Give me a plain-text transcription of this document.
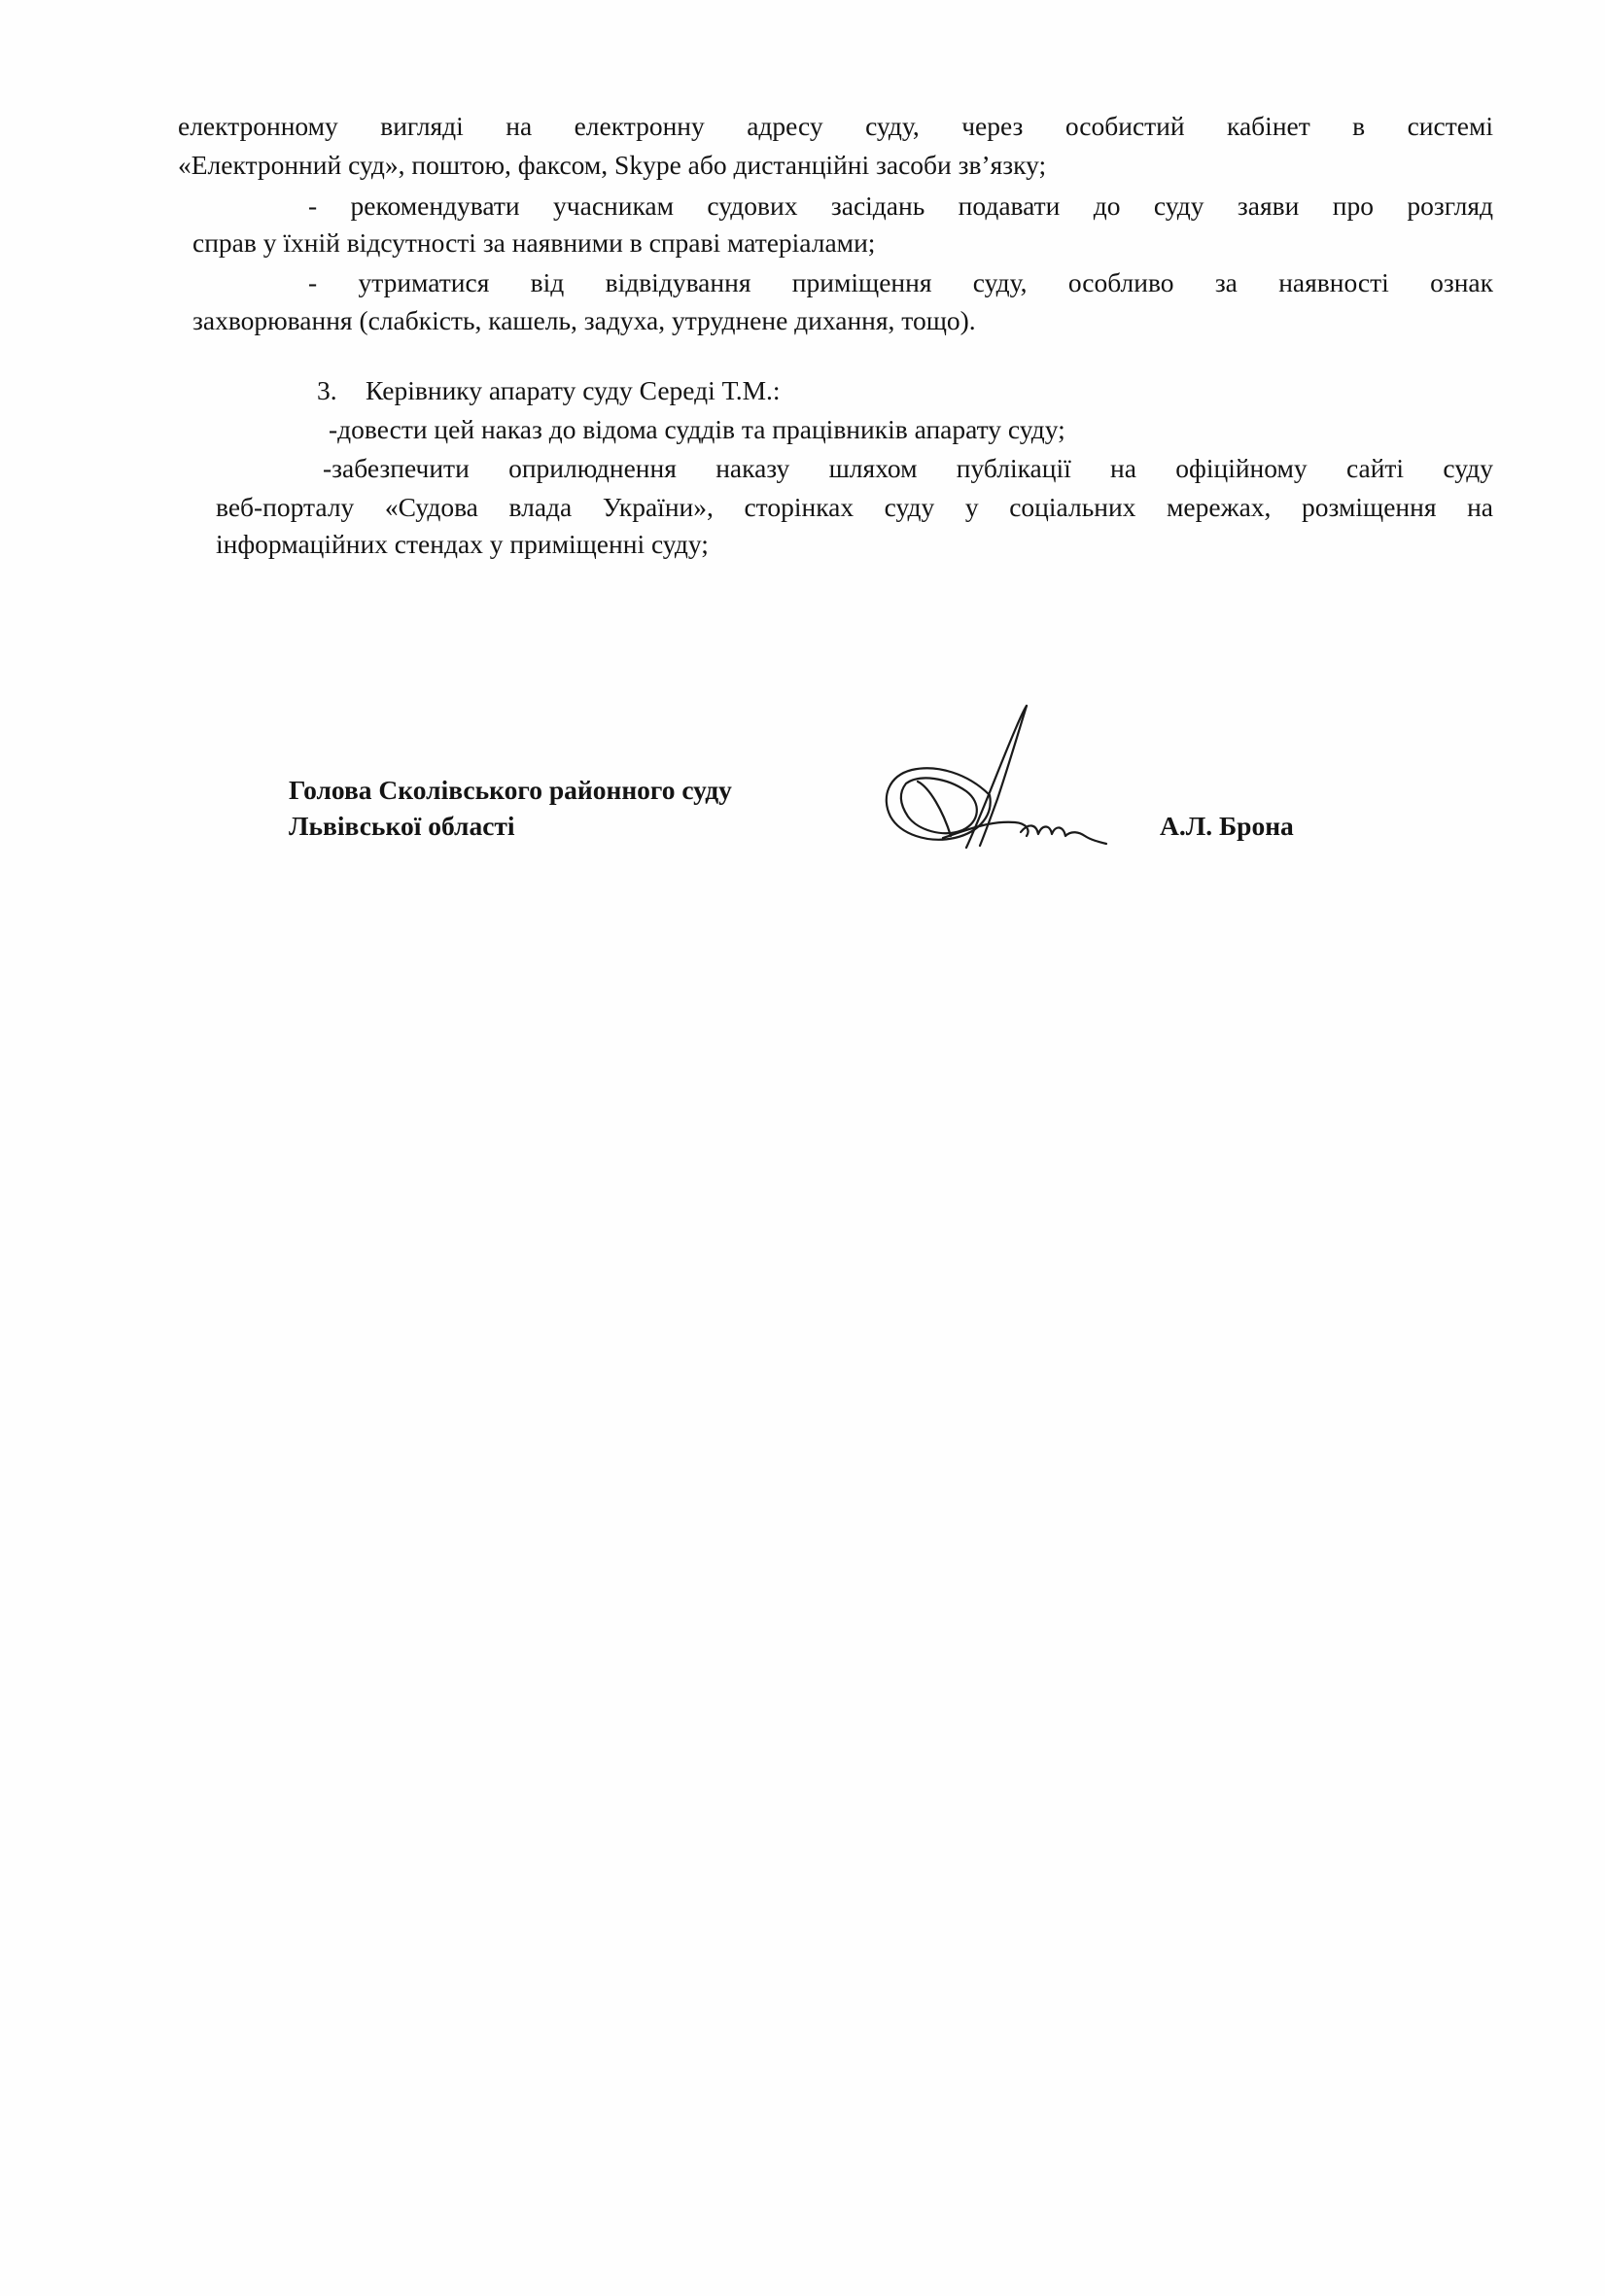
електронному вигляді на електронну адресу суду, через особистий кабінет в системі
«Електронний суд», поштою, факсом, Skype або дистанційні засоби зв’язку;
- рекомендувати учасникам судових засідань подавати до суду заяви про розгляд
справ у їхній відсутності за наявними в справі матеріалами;
- утриматися від відвідування приміщення суду, особливо за наявності ознак
захворювання (слабкість, кашель, задуха, утруднене дихання, тощо).
3. Керівнику апарату суду Середі Т.М.:
-довести цей наказ до відома суддів та працівників апарату суду;
-забезпечити оприлюднення наказу шляхом публікації на офіційному сайті суду
веб-порталу «Судова влада України», сторінках суду у соціальних мережах, розміщення на
інформаційних стендах у приміщенні суду;
Голова Сколівського районного суду
Львівської області	А.Л. Брона
